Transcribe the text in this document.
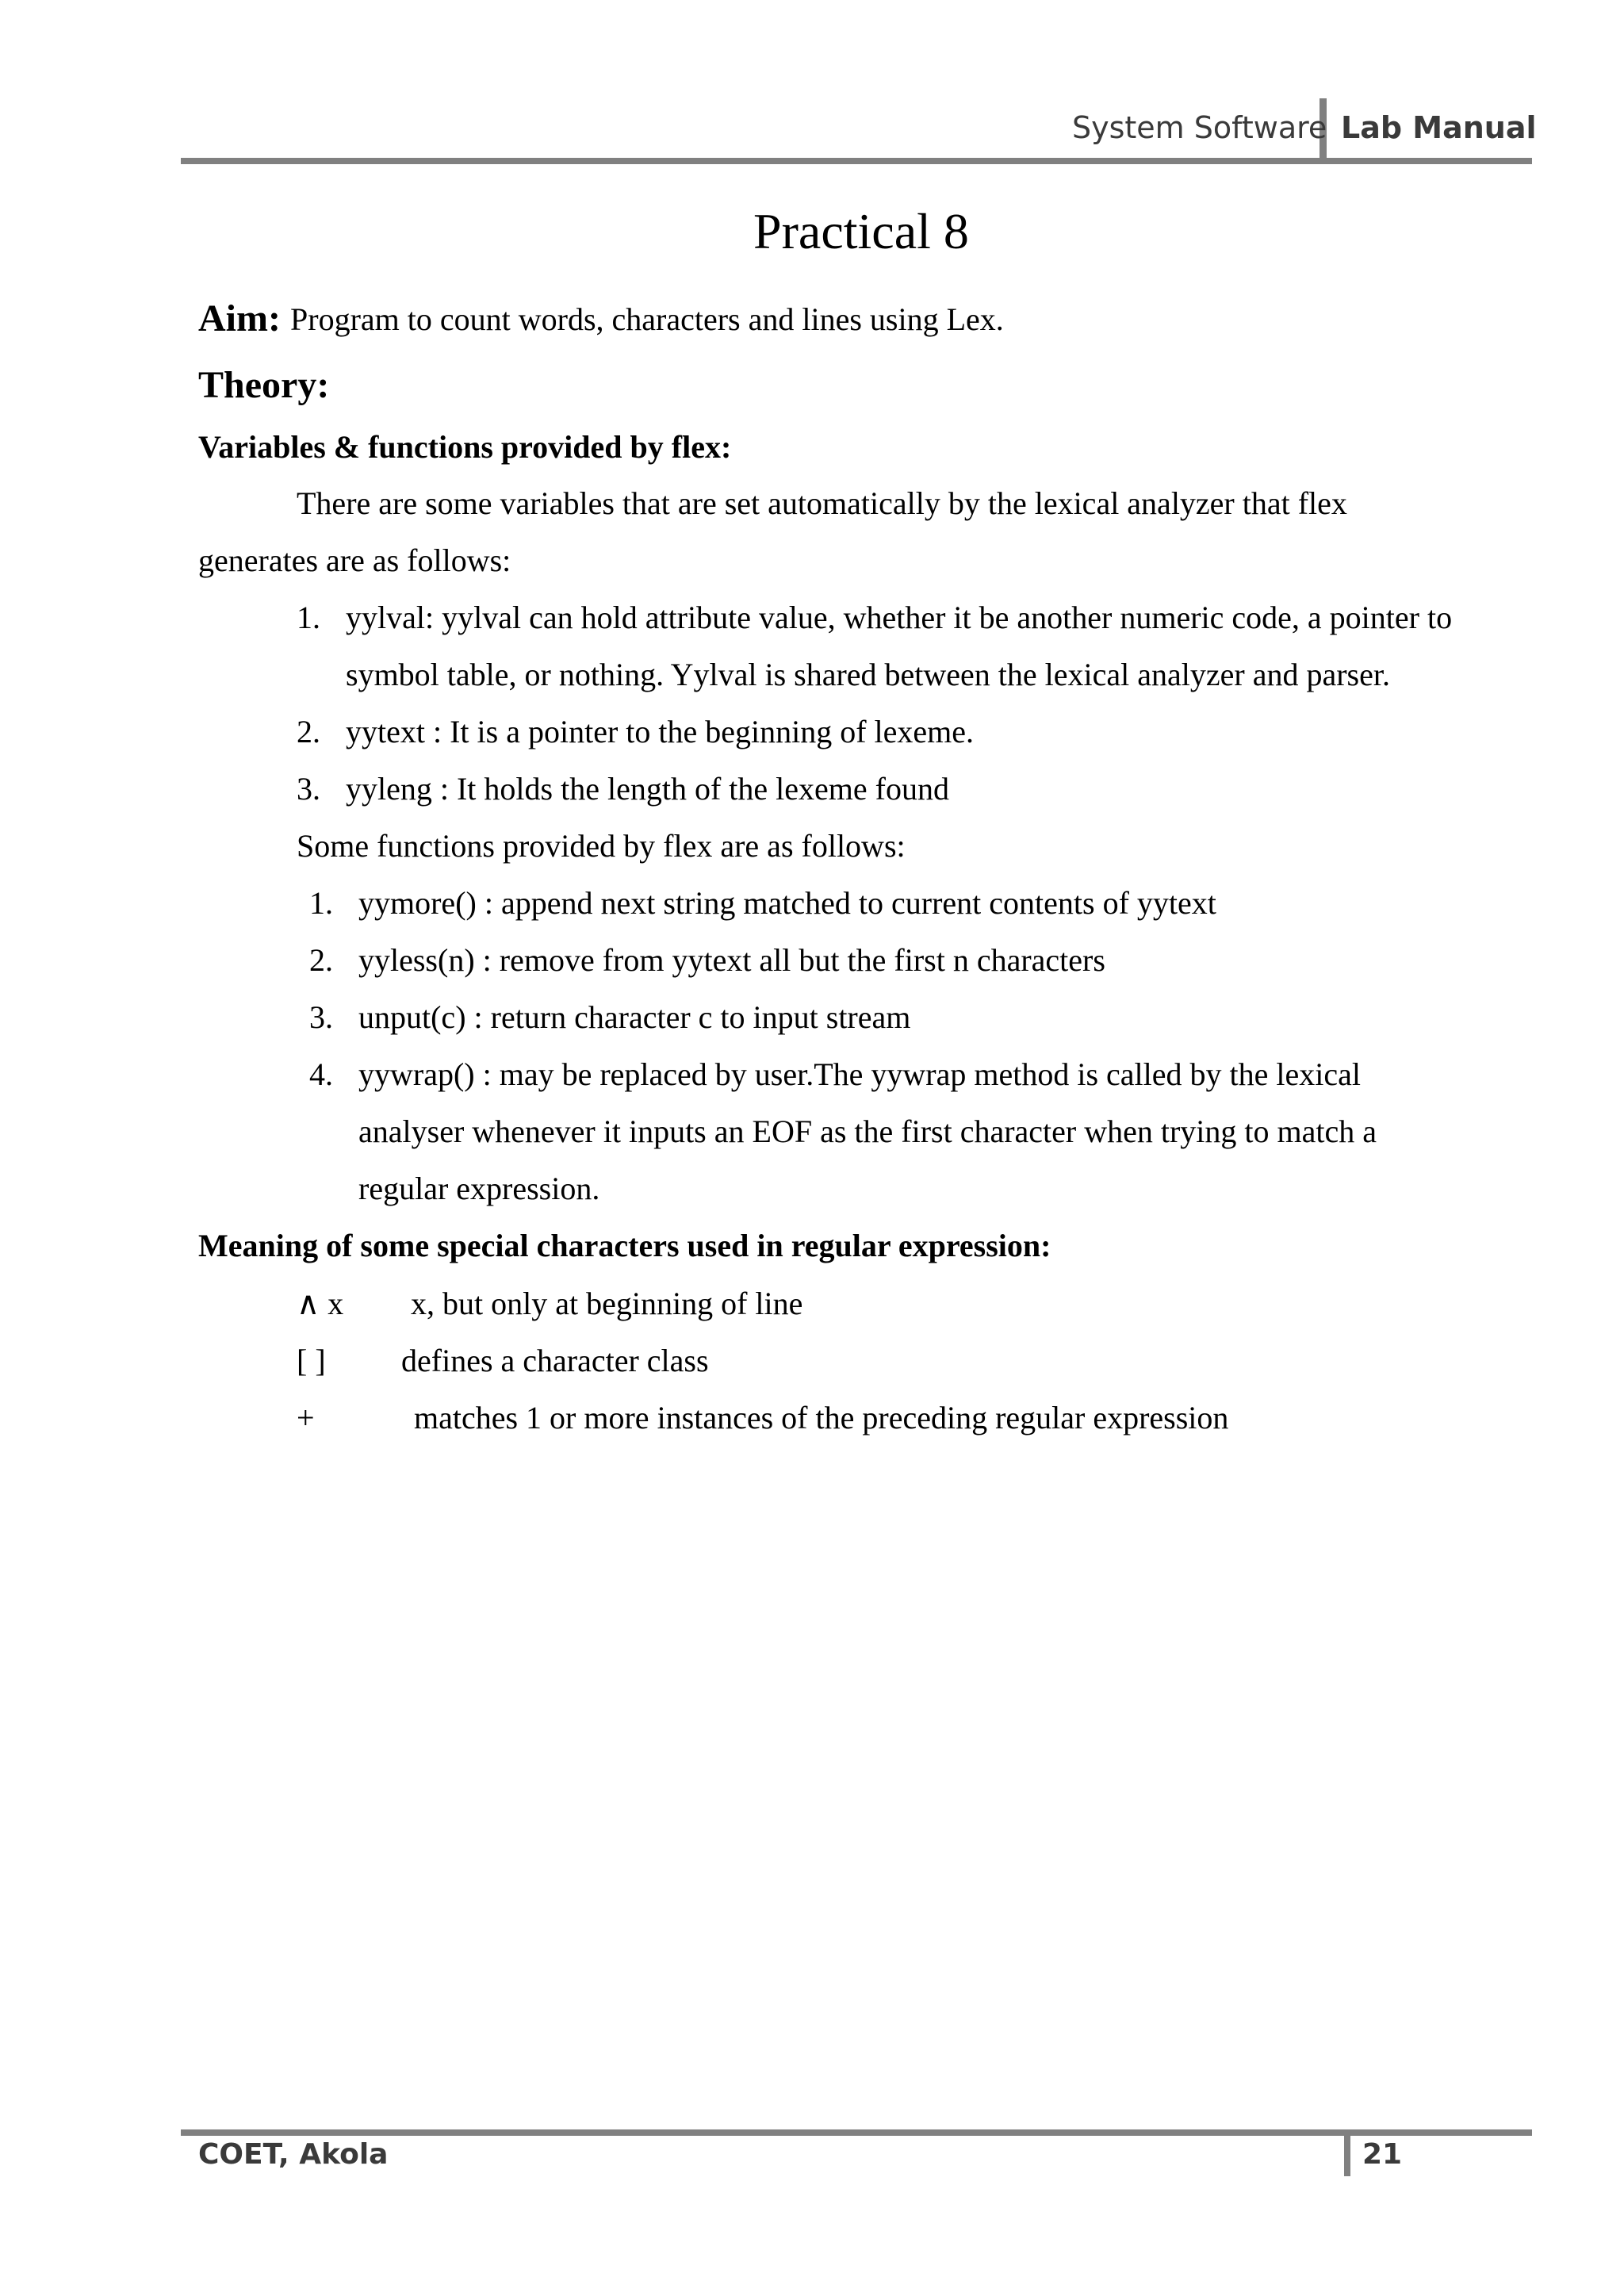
System Software Lab Manual
Practical 8
Aim: Program to count words, characters and lines using Lex.
Theory:
Variables & functions provided by flex:
There are some variables that are set automatically by the lexical analyzer that flex
generates are as follows:
1. yylval: yylval can hold attribute value, whether it be another numeric code, a pointer to
symbol table, or nothing. Yylval is shared between the lexical analyzer and parser.
2. yytext : It is a pointer to the beginning of lexeme.
3. yyleng : It holds the length of the lexeme found
Some functions provided by flex are as follows:
1. yymore() : append next string matched to current contents of yytext
2. yyless(n) : remove from yytext all but the first n characters
3. unput(c) : return character c to input stream
4. yywrap() : may be replaced by user.The yywrap method is called by the lexical
analyser whenever it inputs an EOF as the first character when trying to match a
regular expression.
Meaning of some special characters used in regular expression:
∧ x x, but only at beginning of line
[ ] defines a character class
+	matches 1 or more instances of the preceding regular expression
COET, Akola	21
